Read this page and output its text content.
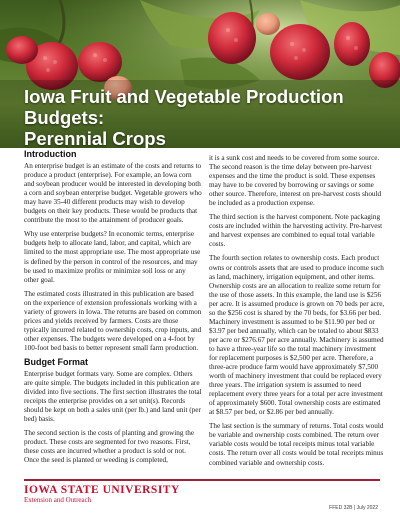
Iowa Fruit and Vegetable Production Budgets:
Perennial Crops
Introduction

An enterprise budget is an estimate of the costs and returns to produce a product (enterprise). For example, an Iowa corn and soybean producer would be interested in developing both a corn and soybean enterprise budget. Vegetable growers who may have 35-40 different products may wish to develop budgets on their key products. These would be products that contribute the most to the attainment of producer goals.

Why use enterprise budgets? In economic terms, enterprise budgets help to allocate land, labor, and capital, which are limited to the most appropriate use. The most appropriate use is defined by the person in control of the resources, and may be used to maximize profits or minimize soil loss or any other goal.

The estimated costs illustrated in this publication are based on the experience of extension professionals working with a variety of growers in Iowa. The returns are based on common prices and yields received by farmers. Costs are those typically incurred related to ownership costs, crop inputs, and other expenses. The budgets were developed on a 4-foot by 100-foot bed basis to better represent small farm production.

Budget Format

Enterprise budget formats vary. Some are complex. Others are quite simple. The budgets included in this publication are divided into five sections. The first section illustrates the total receipts the enterprise provides on a set unit(s). Records should be kept on both a sales unit (per lb.) and land unit (per bed) basis.

The second section is the costs of planting and growing the product. These costs are segmented for two reasons. First, these costs are incurred whether a product is sold or not. Once the seed is planted or weeding is completed,

it is a sunk cost and needs to be covered from some source. The second reason is the time delay between pre-harvest expenses and the time the product is sold. These expenses may have to be covered by borrowing or savings or some other source. Therefore, interest on pre-harvest costs should be included as a production expense.

The third section is the harvest component. Note packaging costs are included within the harvesting activity. Pre-harvest and harvest expenses are combined to equal total variable costs.

The fourth section relates to ownership costs. Each product owns or controls assets that are used to produce income such as land, machinery, irrigation equipment, and other items. Ownership costs are an allocation to realize some return for the use of those assets. In this example, the land use is $256 per acre. It is assumed produce is grown on 70 beds per acre, so the $256 cost is shared by the 70 beds, for $3.66 per bed. Machinery investment is assumed to be $11.90 per bed or $3.97 per bed annually, which can be totaled to about $833 per acre or $276.67 per acre annually. Machinery is assumed to have a three-year life so the total machinery investment for replacement purposes is $2,500 per acre. Therefore, a three-acre produce farm would have approximately $7,500 worth of machinery investment that could be replaced every three years. The irrigation system is assumed to need replacement every three years for a total per acre investment of approximately $600. Total ownership costs are estimated at $8.57 per bed, or $2.86 per bed annually.

The last section is the summary of returns. Total costs would be variable and ownership costs combined. The return over variable costs would be total receipts minus total variable costs. The return over all costs would be total receipts minus combined variable and ownership costs.

IOWA STATE UNIVERSITY
Extension and Outreach
FFED 32B | July 2022
